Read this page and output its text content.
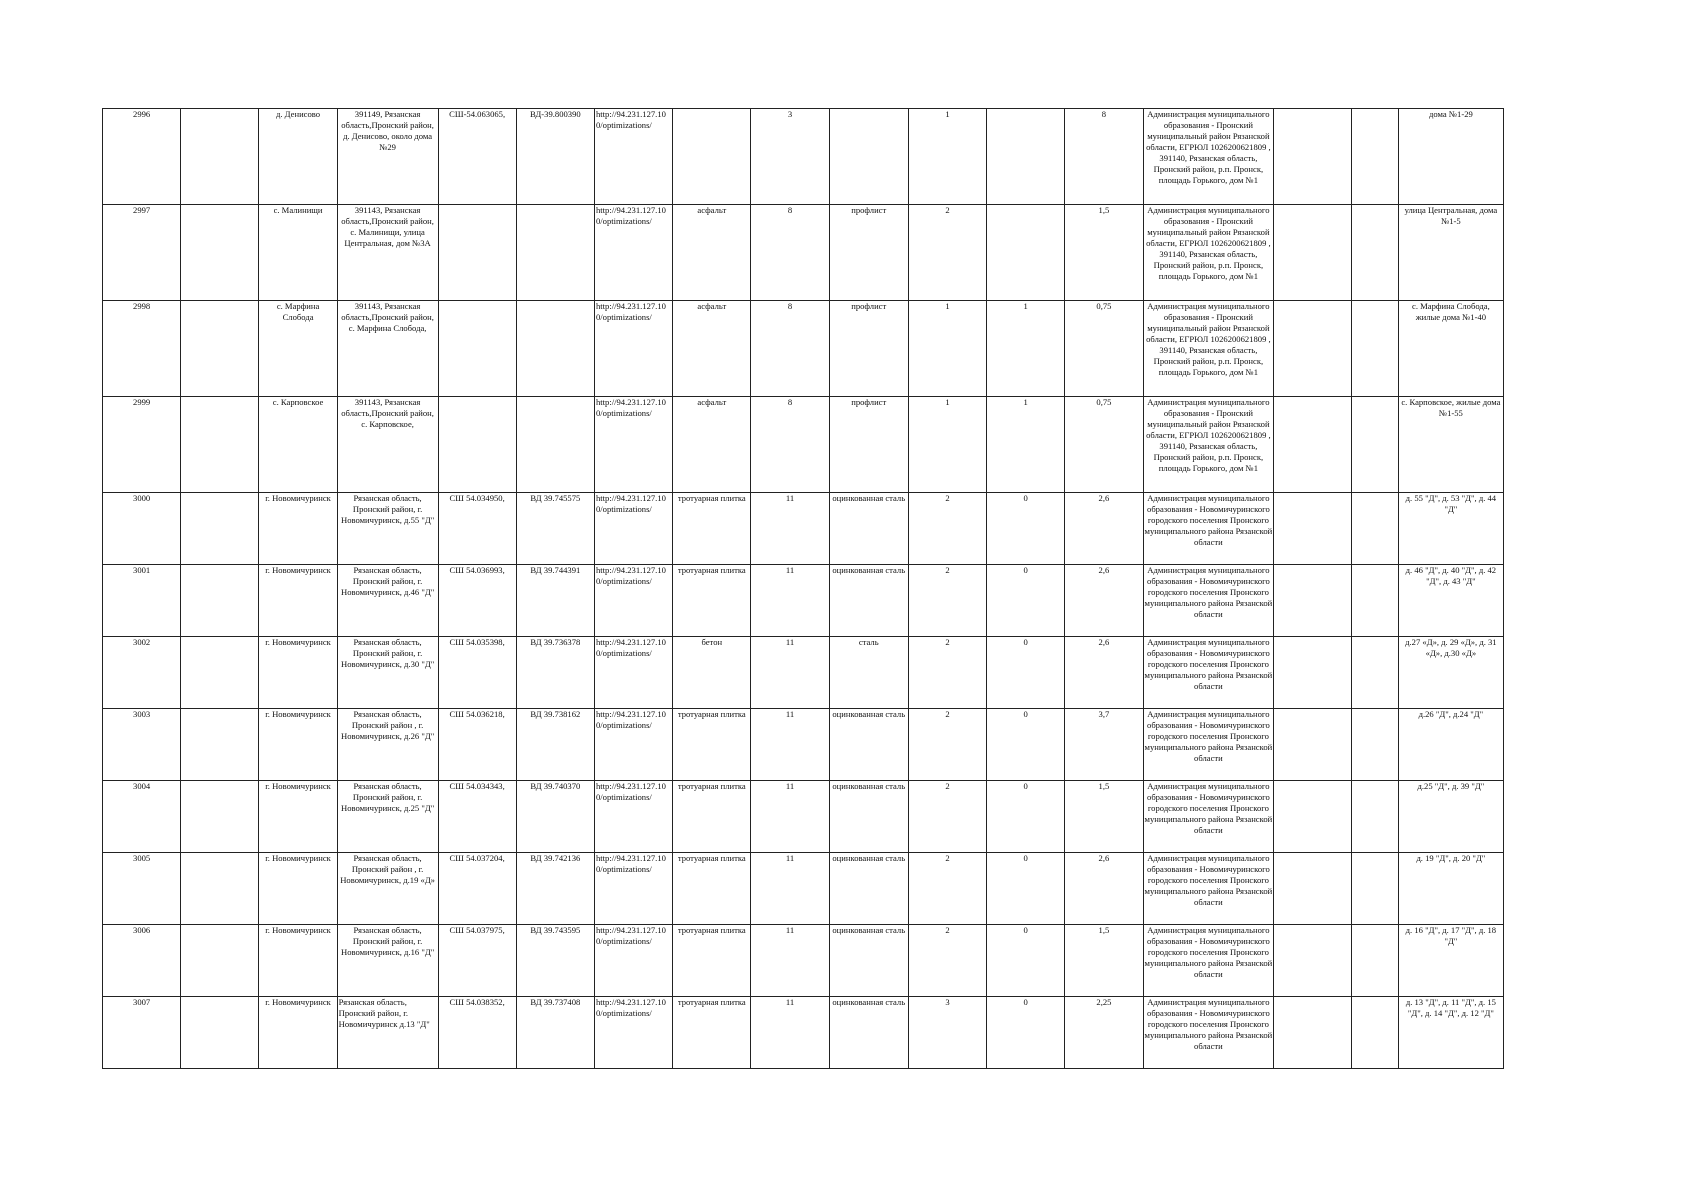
2996		д. Денисово	391149, Рязанская область,Пронский район, д. Денисово, около дома №29	СШ-54.063065,	ВД-39.800390	http://94.231.127.10 0/optimizations/		3		1		8	Администрация муниципального образования - Пронский муниципальный район Рязанской области, ЕГРЮЛ 1026200621809 , 391140, Рязанская область, Пронский район, р.п. Пронск, площадь Горького, дом №1			дома №1-29
2997		с. Малинищи	391143, Рязанская область,Пронский район, с. Малинищи, улица Центральная, дом №3А			http://94.231.127.10 0/optimizations/	асфальт	8	профлист	2		1,5	Администрация муниципального образования - Пронский муниципальный район Рязанской области, ЕГРЮЛ 1026200621809 , 391140, Рязанская область, Пронский район, р.п. Пронск, площадь Горького, дом №1			улица Центральная, дома №1-5
2998		с. Марфина Слобода	391143, Рязанская область,Пронский район, с. Марфина Слобода,			http://94.231.127.10 0/optimizations/	асфальт	8	профлист	1	1	0,75	Администрация муниципального образования - Пронский муниципальный район Рязанской области, ЕГРЮЛ 1026200621809 , 391140, Рязанская область, Пронский район, р.п. Пронск, площадь Горького, дом №1			с. Марфина Слобода, жилые дома №1-40
2999		с. Карповское	391143, Рязанская область,Пронский район, с. Карповское,			http://94.231.127.10 0/optimizations/	асфальт	8	профлист	1	1	0,75	Администрация муниципального образования - Пронский муниципальный район Рязанской области, ЕГРЮЛ 1026200621809 , 391140, Рязанская область, Пронский район, р.п. Пронск, площадь Горького, дом №1			с. Карповское, жилые дома №1-55
3000		г. Новомичуринск	Рязанская область, Пронский район, г. Новомичуринск, д.55 "Д"	СШ 54.034950,	ВД 39.745575	http://94.231.127.10 0/optimizations/	тротуарная плитка	11	оцинкованная сталь	2	0	2,6	Администрация муниципального образования - Новомичуринского городского поселения Пронского муниципального района Рязанской области			д. 55 "Д", д. 53 "Д", д. 44 "Д"
3001		г. Новомичуринск	Рязанская область, Пронский район, г. Новомичуринск, д.46 "Д"	СШ 54.036993,	ВД 39.744391	http://94.231.127.10 0/optimizations/	тротуарная плитка	11	оцинкованная сталь	2	0	2,6	Администрация муниципального образования - Новомичуринского городского поселения Пронского муниципального района Рязанской области			д. 46 "Д", д. 40 "Д", д. 42 "Д", д. 43 "Д"
3002		г. Новомичуринск	Рязанская область, Пронский район, г. Новомичуринск, д.30 "Д"	СШ 54.035398,	ВД 39.736378	http://94.231.127.10 0/optimizations/	бетон	11	сталь	2	0	2,6	Администрация муниципального образования - Новомичуринского городского поселения Пронского муниципального района Рязанской области			д.27 «Д», д. 29 «Д», д. 31 «Д», д.30 «Д»
3003		г. Новомичуринск	Рязанская область, Пронский район , г. Новомичуринск, д.26 "Д"	СШ 54.036218,	ВД 39.738162	http://94.231.127.10 0/optimizations/	тротуарная плитка	11	оцинкованная сталь	2	0	3,7	Администрация муниципального образования - Новомичуринского городского поселения Пронского муниципального района Рязанской области			д.26 "Д", д.24 "Д"
3004		г. Новомичуринск	Рязанская область, Пронский район, г. Новомичуринск, д.25 "Д"	СШ 54.034343,	ВД 39.740370	http://94.231.127.10 0/optimizations/	тротуарная плитка	11	оцинкованная сталь	2	0	1,5	Администрация муниципального образования - Новомичуринского городского поселения Пронского муниципального района Рязанской области			д.25 "Д", д. 39 "Д"
3005		г. Новомичуринск	Рязанская область, Пронский район , г. Новомичуринск, д.19 «Д»	СШ 54.037204,	ВД 39.742136	http://94.231.127.10 0/optimizations/	тротуарная плитка	11	оцинкованная сталь	2	0	2,6	Администрация муниципального образования - Новомичуринского городского поселения Пронского муниципального района Рязанской области			д. 19 "Д", д. 20 "Д"
3006		г. Новомичуринск	Рязанская область, Пронский район, г. Новомичуринск, д.16 "Д"	СШ 54.037975,	ВД 39.743595	http://94.231.127.10 0/optimizations/	тротуарная плитка	11	оцинкованная сталь	2	0	1,5	Администрация муниципального образования - Новомичуринского городского поселения Пронского муниципального района Рязанской области			д. 16 "Д", д. 17 "Д", д. 18 "Д"
3007		г. Новомичуринск	Рязанская область, Пронский район, г. Новомичуринск д.13 "Д"	СШ 54.038352,	ВД 39.737408	http://94.231.127.10 0/optimizations/	тротуарная плитка	11	оцинкованная сталь	3	0	2,25	Администрация муниципального образования - Новомичуринского городского поселения Пронского муниципального района Рязанской области			д. 13 "Д", д. 11 "Д", д. 15 "Д", д. 14 "Д", д. 12 "Д"
